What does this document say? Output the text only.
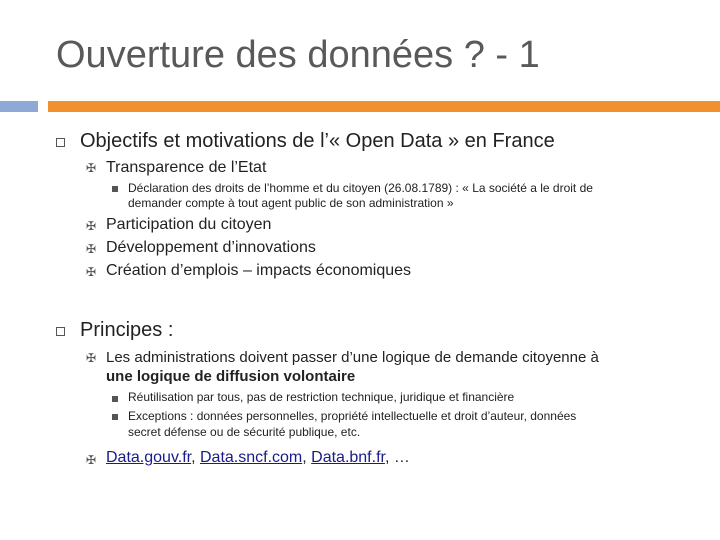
Ouverture des données ? - 1
Objectifs et motivations de l’« Open Data » en France
✠ Transparence de l’Etat
Déclaration des droits de l’homme et du citoyen (26.08.1789) : « La société a le droit de
demander compte à tout agent public de son administration »
✠ Participation du citoyen
✠ Développement d’innovations
✠ Création d’emplois – impacts économiques
Principes :
✠ Les administrations doivent passer d’une logique de demande citoyenne à
une logique de diffusion volontaire
Réutilisation par tous, pas de restriction technique, juridique et financière
Exceptions : données personnelles, propriété intellectuelle et droit d’auteur, données
secret défense ou de sécurité publique, etc.
✠ Data.gouv.fr, Data.sncf.com, Data.bnf.fr, …
